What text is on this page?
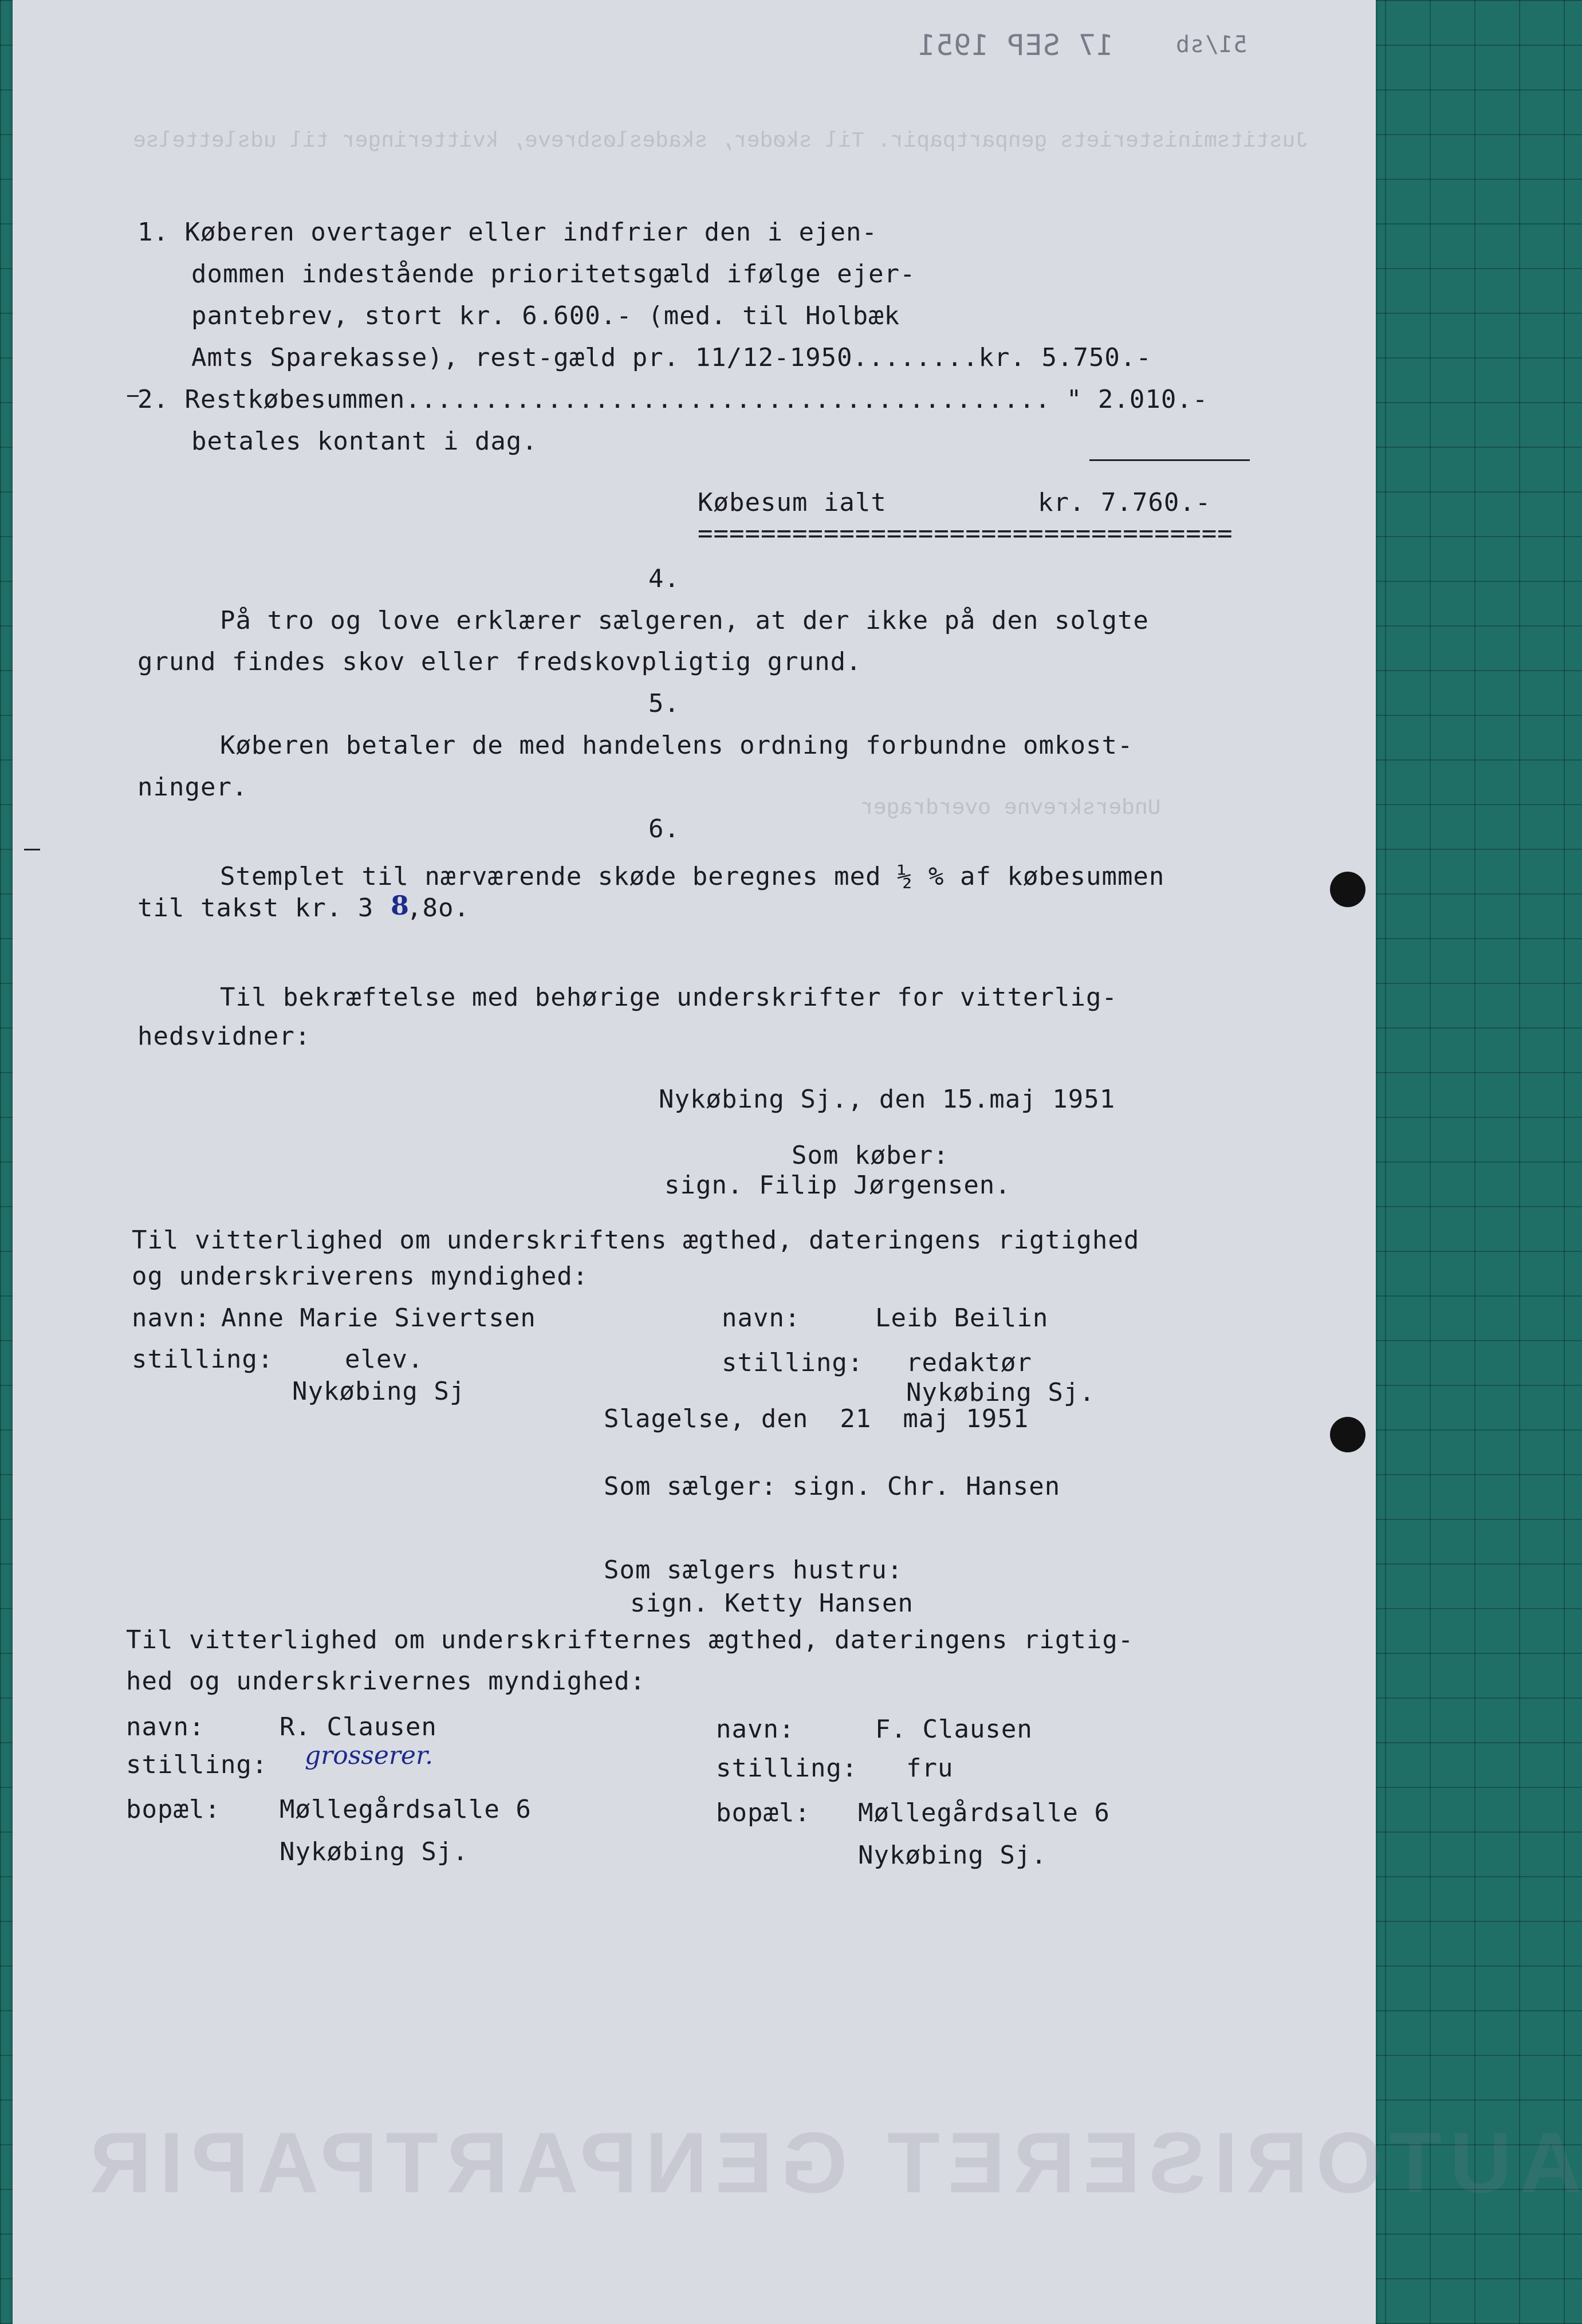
Justitsministeriets genpartpapir. Til skøder, skadesløsbreve, kvitteringer til udslettelse
Underskrevne overdrager
AUTORISERET GENPARTPAPIR
17 SEP 1951	51/sb
1. Køberen overtager eller indfrier den i ejen-
dommen indestående prioritetsgæld ifølge ejer-
pantebrev, stort kr. 6.600.- (med. til Holbæk
Amts Sparekasse), rest-gæld pr. 11/12-1950........kr. 5.750.-
2. Restkøbesummen......................................... " 2.010.-
betales kontant i dag.
Købesum ialt	kr. 7.760.-
==================================
4.
På tro og love erklærer sælgeren, at der ikke på den solgte
grund findes skov eller fredskovpligtig grund.
5.
Køberen betaler de med handelens ordning forbundne omkost-
ninger.
6.
Stemplet til nærværende skøde beregnes med ½ % af købesummen
til takst kr. 3 8
,8o.
Til bekræftelse med behørige underskrifter for vitterlig-
hedsvidner:
Nykøbing Sj., den 15.maj 1951
Som køber:
sign. Filip Jørgensen.
Til vitterlighed om underskriftens ægthed, dateringens rigtighed
og underskriverens myndighed:
navn: Anne Marie Sivertsen
stilling:	elev.
Nykøbing Sj
navn:	Leib Beilin
stilling: redaktør
Nykøbing Sj.
Slagelse, den  21  maj 1951
Som sælger: sign. Chr. Hansen
Som sælgers hustru:
sign. Ketty Hansen
Til vitterlighed om underskrifternes ægthed, dateringens rigtig-
hed og underskrivernes myndighed:
navn:	R. Clausen
stilling: grosserer.
bopæl: Møllegårdsalle 6
Nykøbing Sj.
navn:	F. Clausen
stilling: fru
bopæl: Møllegårdsalle 6
Nykøbing Sj.
